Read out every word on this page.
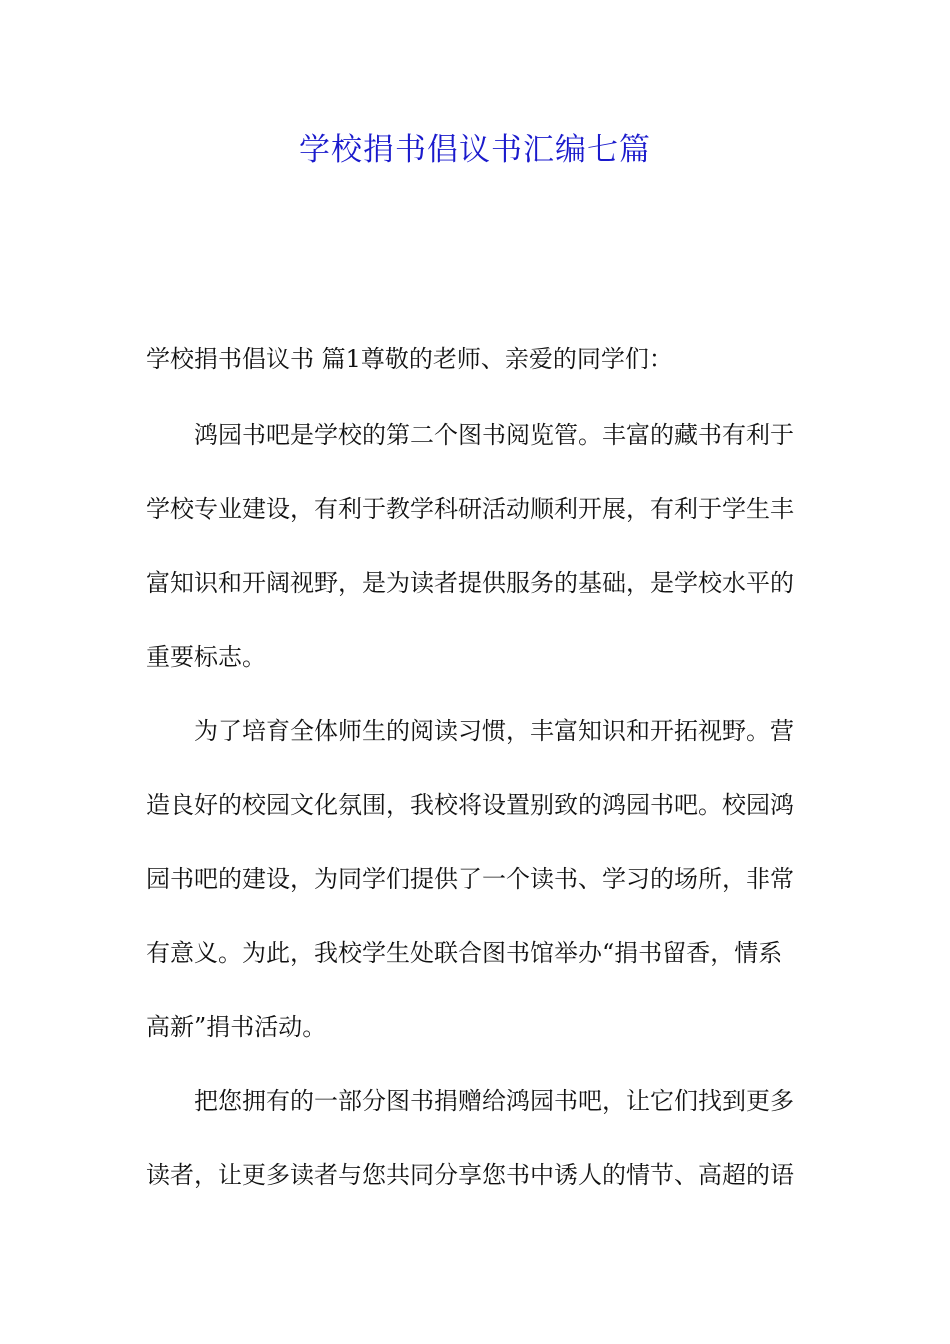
学校捐书倡议书汇编七篇
学校捐书倡议书 篇1尊敬的老师、亲爱的同学们：
鸿园书吧是学校的第二个图书阅览管。丰富的藏书有利于
学校专业建设，有利于教学科研活动顺利开展，有利于学生丰
富知识和开阔视野，是为读者提供服务的基础，是学校水平的
重要标志。
为了培育全体师生的阅读习惯，丰富知识和开拓视野。营
造良好的校园文化氛围，我校将设置别致的鸿园书吧。校园鸿
园书吧的建设，为同学们提供了一个读书、学习的场所，非常
有意义。为此，我校学生处联合图书馆举办“捐书留香，情系
高新”捐书活动。
把您拥有的一部分图书捐赠给鸿园书吧，让它们找到更多
读者，让更多读者与您共同分享您书中诱人的情节、高超的语
